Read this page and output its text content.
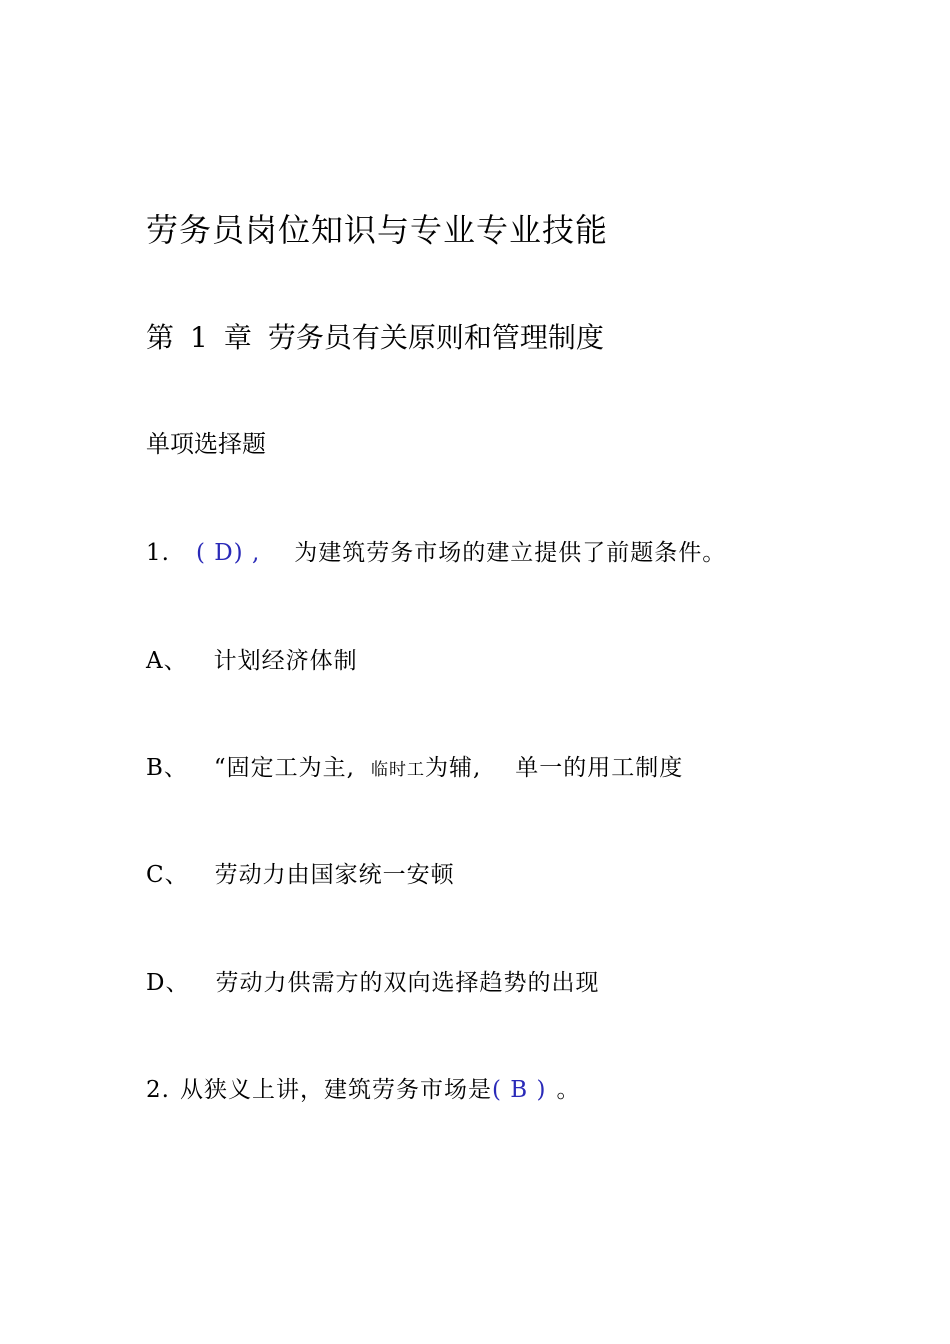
劳务员岗位知识与专业专业技能
第 1 章 劳务员有关原则和管理制度
单项选择题
1. ( D) , 为建筑劳务市场的建立提供了前题条件。
A、 计划经济体制
B、 “固定工为主, 临时工为辅, 单一的用工制度
C、 劳动力由国家统一安顿
D、 劳动力供需方的双向选择趋势的出现
2. 从狭义上讲，建筑劳务市场是( B ) 。
